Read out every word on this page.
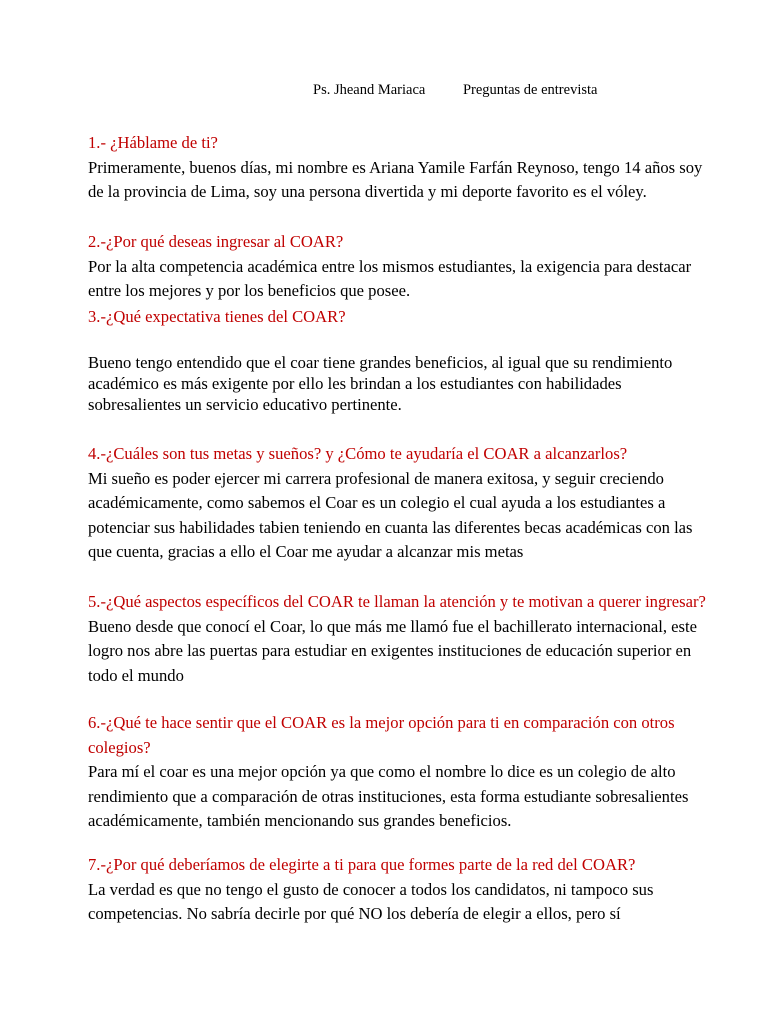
Ps. Jheand Mariaca	Preguntas de entrevista
1.- ¿Háblame de ti?
Primeramente, buenos días, mi nombre es Ariana Yamile Farfán Reynoso, tengo 14 años soy de la provincia de Lima, soy una persona divertida y mi deporte favorito es el vóley.
2.-¿Por qué deseas ingresar al COAR?
Por la alta competencia académica entre los mismos estudiantes, la exigencia para destacar entre los mejores y por los beneficios que posee.
3.-¿Qué expectativa tienes del COAR?
Bueno tengo entendido que el coar tiene grandes beneficios, al igual que su rendimiento académico es más exigente por ello les brindan a los estudiantes con habilidades sobresalientes un servicio educativo pertinente.
4.-¿Cuáles son tus metas y sueños? y ¿Cómo te ayudaría el COAR a alcanzarlos?
Mi sueño es poder ejercer mi carrera profesional de manera exitosa, y seguir creciendo académicamente, como sabemos el Coar es un colegio el cual ayuda a los estudiantes a potenciar sus habilidades tabien teniendo en cuanta las diferentes becas académicas con las que cuenta, gracias a ello el Coar me ayudar a alcanzar mis metas
5.-¿Qué aspectos específicos del COAR te llaman la atención y te motivan a querer ingresar?
Bueno desde que conocí el Coar, lo que más me llamó fue el bachillerato internacional, este logro nos abre las puertas para estudiar en exigentes instituciones de educación superior en todo el mundo
6.-¿Qué te hace sentir que el COAR es la mejor opción para ti en comparación con otros colegios?
Para mí el coar es una mejor opción ya que como el nombre lo dice es un colegio de alto rendimiento que a comparación de otras instituciones, esta forma estudiante sobresalientes académicamente, también mencionando sus grandes beneficios.
7.-¿Por qué deberíamos de elegirte a ti para que formes parte de la red del COAR?
La verdad es que no tengo el gusto de conocer a todos los candidatos, ni tampoco sus competencias. No sabría decirle por qué NO los debería de elegir a ellos, pero sí
